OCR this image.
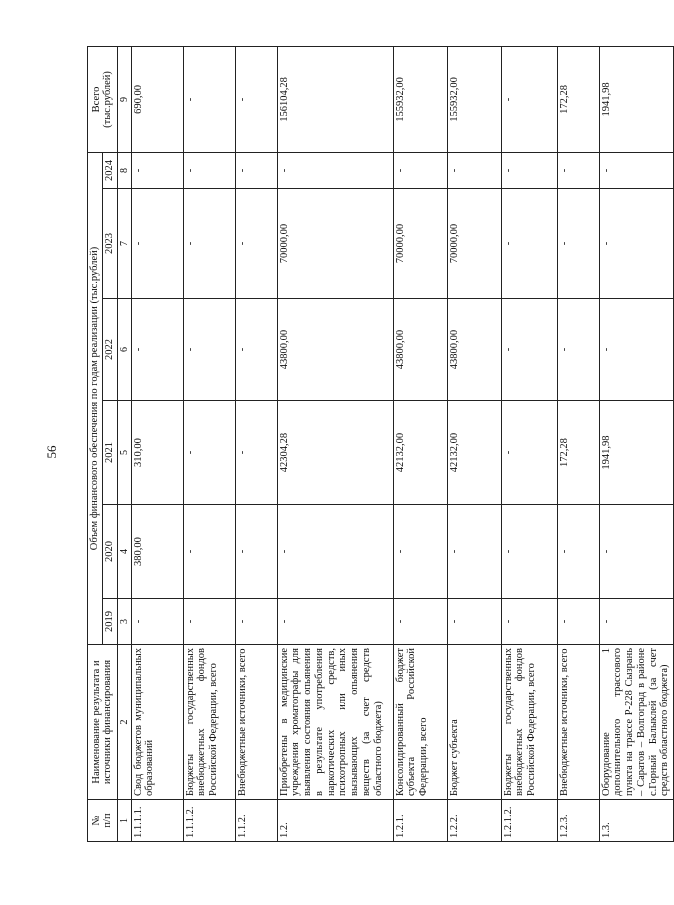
56
№
п/п	Наименование результата и источники финансирования	Объем финансового обеспечения по годам реализации (тыс.рублей)						Всего
(тыс.рублей)
		2019	2020	2021	2022	2023	2024	
1	2	3	4	5	6	7	8	9
1.1.1.1.	Свод бюджетов муниципальных образований	-	380,00	310,00	-	-	-	690,00
1.1.1.2.	Бюджеты государственных внебюджетных фондов Российской Федерации, всего	-	-	-	-	-	-	-
1.1.2.	Внебюджетные источники, всего	-	-	-	-	-	-	-
1.2.	Приобретены в медицинские учреждения хроматографы для выявления состояния опьянения в результате употребления наркотических средств, психотропных или иных вызывающих опьянения веществ (за счет средств областного бюджета)	-	-	42304,28	43800,00	70000,00	-	156104,28
1.2.1.	Консолидированный бюджет субъекта Российской Федерации, всего	-	-	42132,00	43800,00	70000,00	-	155932,00
1.2.2.	Бюджет субъекта	-	-	42132,00	43800,00	70000,00	-	155932,00
1.2.1.2.	Бюджеты государственных внебюджетных фондов Российской Федерации, всего	-	-	-	-	-	-	-
1.2.3.	Внебюджетные источники, всего	-	-	172,28	-	-	-	172,28
1.3.	Оборудование 1 дополнительного трассового пункта на трассе Р-228 Сызрань – Саратов – Волгоград в районе с.Горный Балыклей (за счет средств областного бюджета)	-	-	1941,98	-	-	-	1941,98
